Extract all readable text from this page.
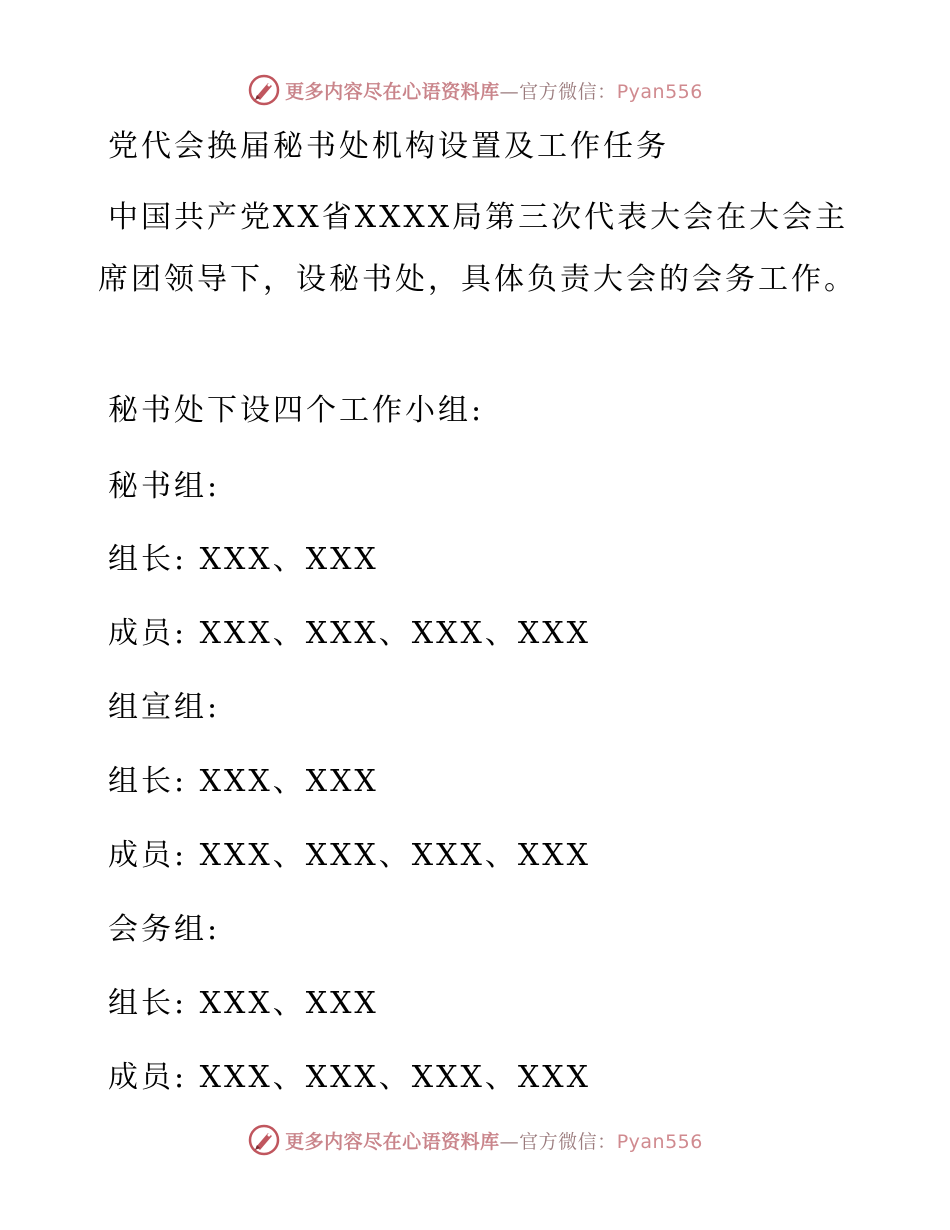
更多内容尽在心语资料库—官方微信：Pyan556
党代会换届秘书处机构设置及工作任务
中国共产党XX省XXXX局第三次代表大会在大会主席团领导下，设秘书处，具体负责大会的会务工作。
秘书处下设四个工作小组:
秘书组:
组长: XXX、XXX
成员: XXX、XXX、XXX、XXX
组宣组:
组长: XXX、XXX
成员: XXX、XXX、XXX、XXX
会务组:
组长: XXX、XXX
成员: XXX、XXX、XXX、XXX
更多内容尽在心语资料库—官方微信：Pyan556
